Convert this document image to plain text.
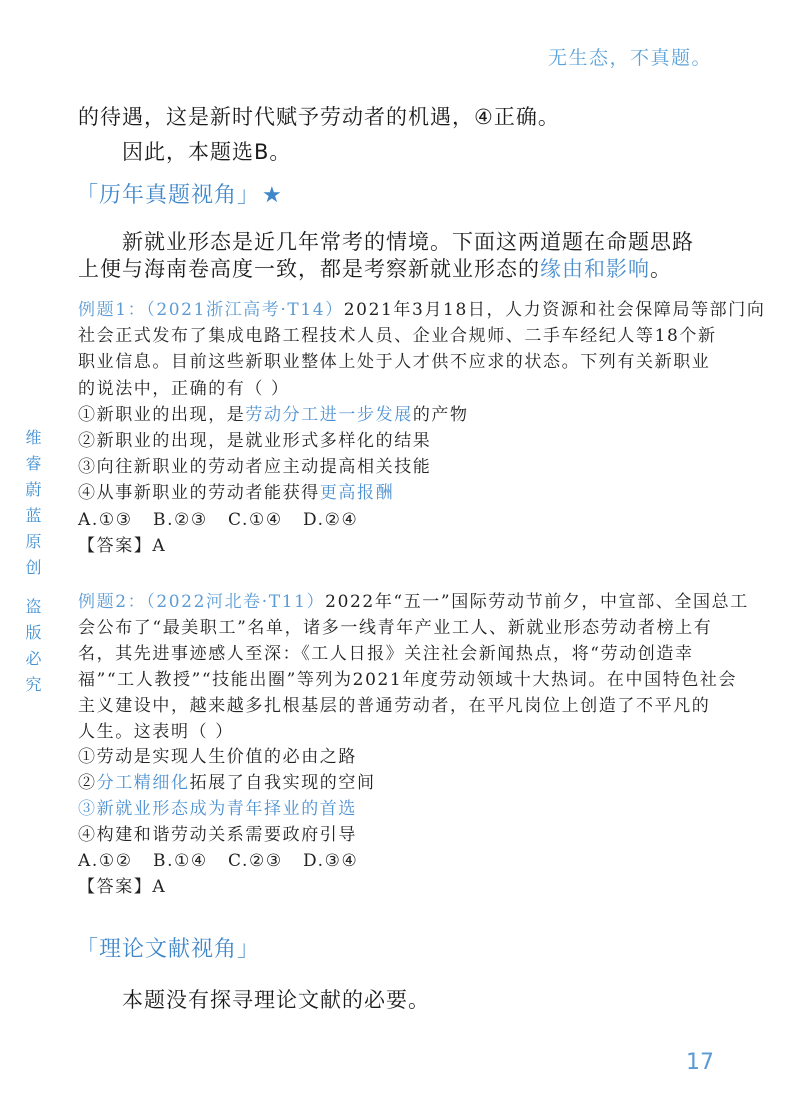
无生态，不真题。
的待遇，这是新时代赋予劳动者的机遇，④正确。
因此，本题选B。
「历年真题视角」★
新就业形态是近几年常考的情境。下面这两道题在命题思路
上便与海南卷高度一致，都是考察新就业形态的缘由和影响。
例题1：（2021浙江高考·T14）2021年3月18日，人力资源和社会保障局等部门向
社会正式发布了集成电路工程技术人员、企业合规师、二手车经纪人等18个新
职业信息。目前这些新职业整体上处于人才供不应求的状态。下列有关新职业
的说法中，正确的有（ ）
①新职业的出现，是劳动分工进一步发展的产物
②新职业的出现，是就业形式多样化的结果
③向往新职业的劳动者应主动提高相关技能
④从事新职业的劳动者能获得更高报酬
A.①③ B.②③ C.①④ D.②④
【答案】A
例题2：（2022河北卷·T11）2022年“五一”国际劳动节前夕，中宣部、全国总工
会公布了“最美职工”名单，诸多一线青年产业工人、新就业形态劳动者榜上有
名，其先进事迹感人至深：《工人日报》关注社会新闻热点，将“劳动创造幸
福”“工人教授”“技能出圈”等列为2021年度劳动领域十大热词。在中国特色社会
主义建设中，越来越多扎根基层的普通劳动者，在平凡岗位上创造了不平凡的
人生。这表明（ ）
①劳动是实现人生价值的必由之路
②分工精细化拓展了自我实现的空间
③新就业形态成为青年择业的首选
④构建和谐劳动关系需要政府引导
A.①② B.①④ C.②③ D.③④
【答案】A
「理论文献视角」
本题没有探寻理论文献的必要。
维睿蔚蓝原创
盗版必究
17
